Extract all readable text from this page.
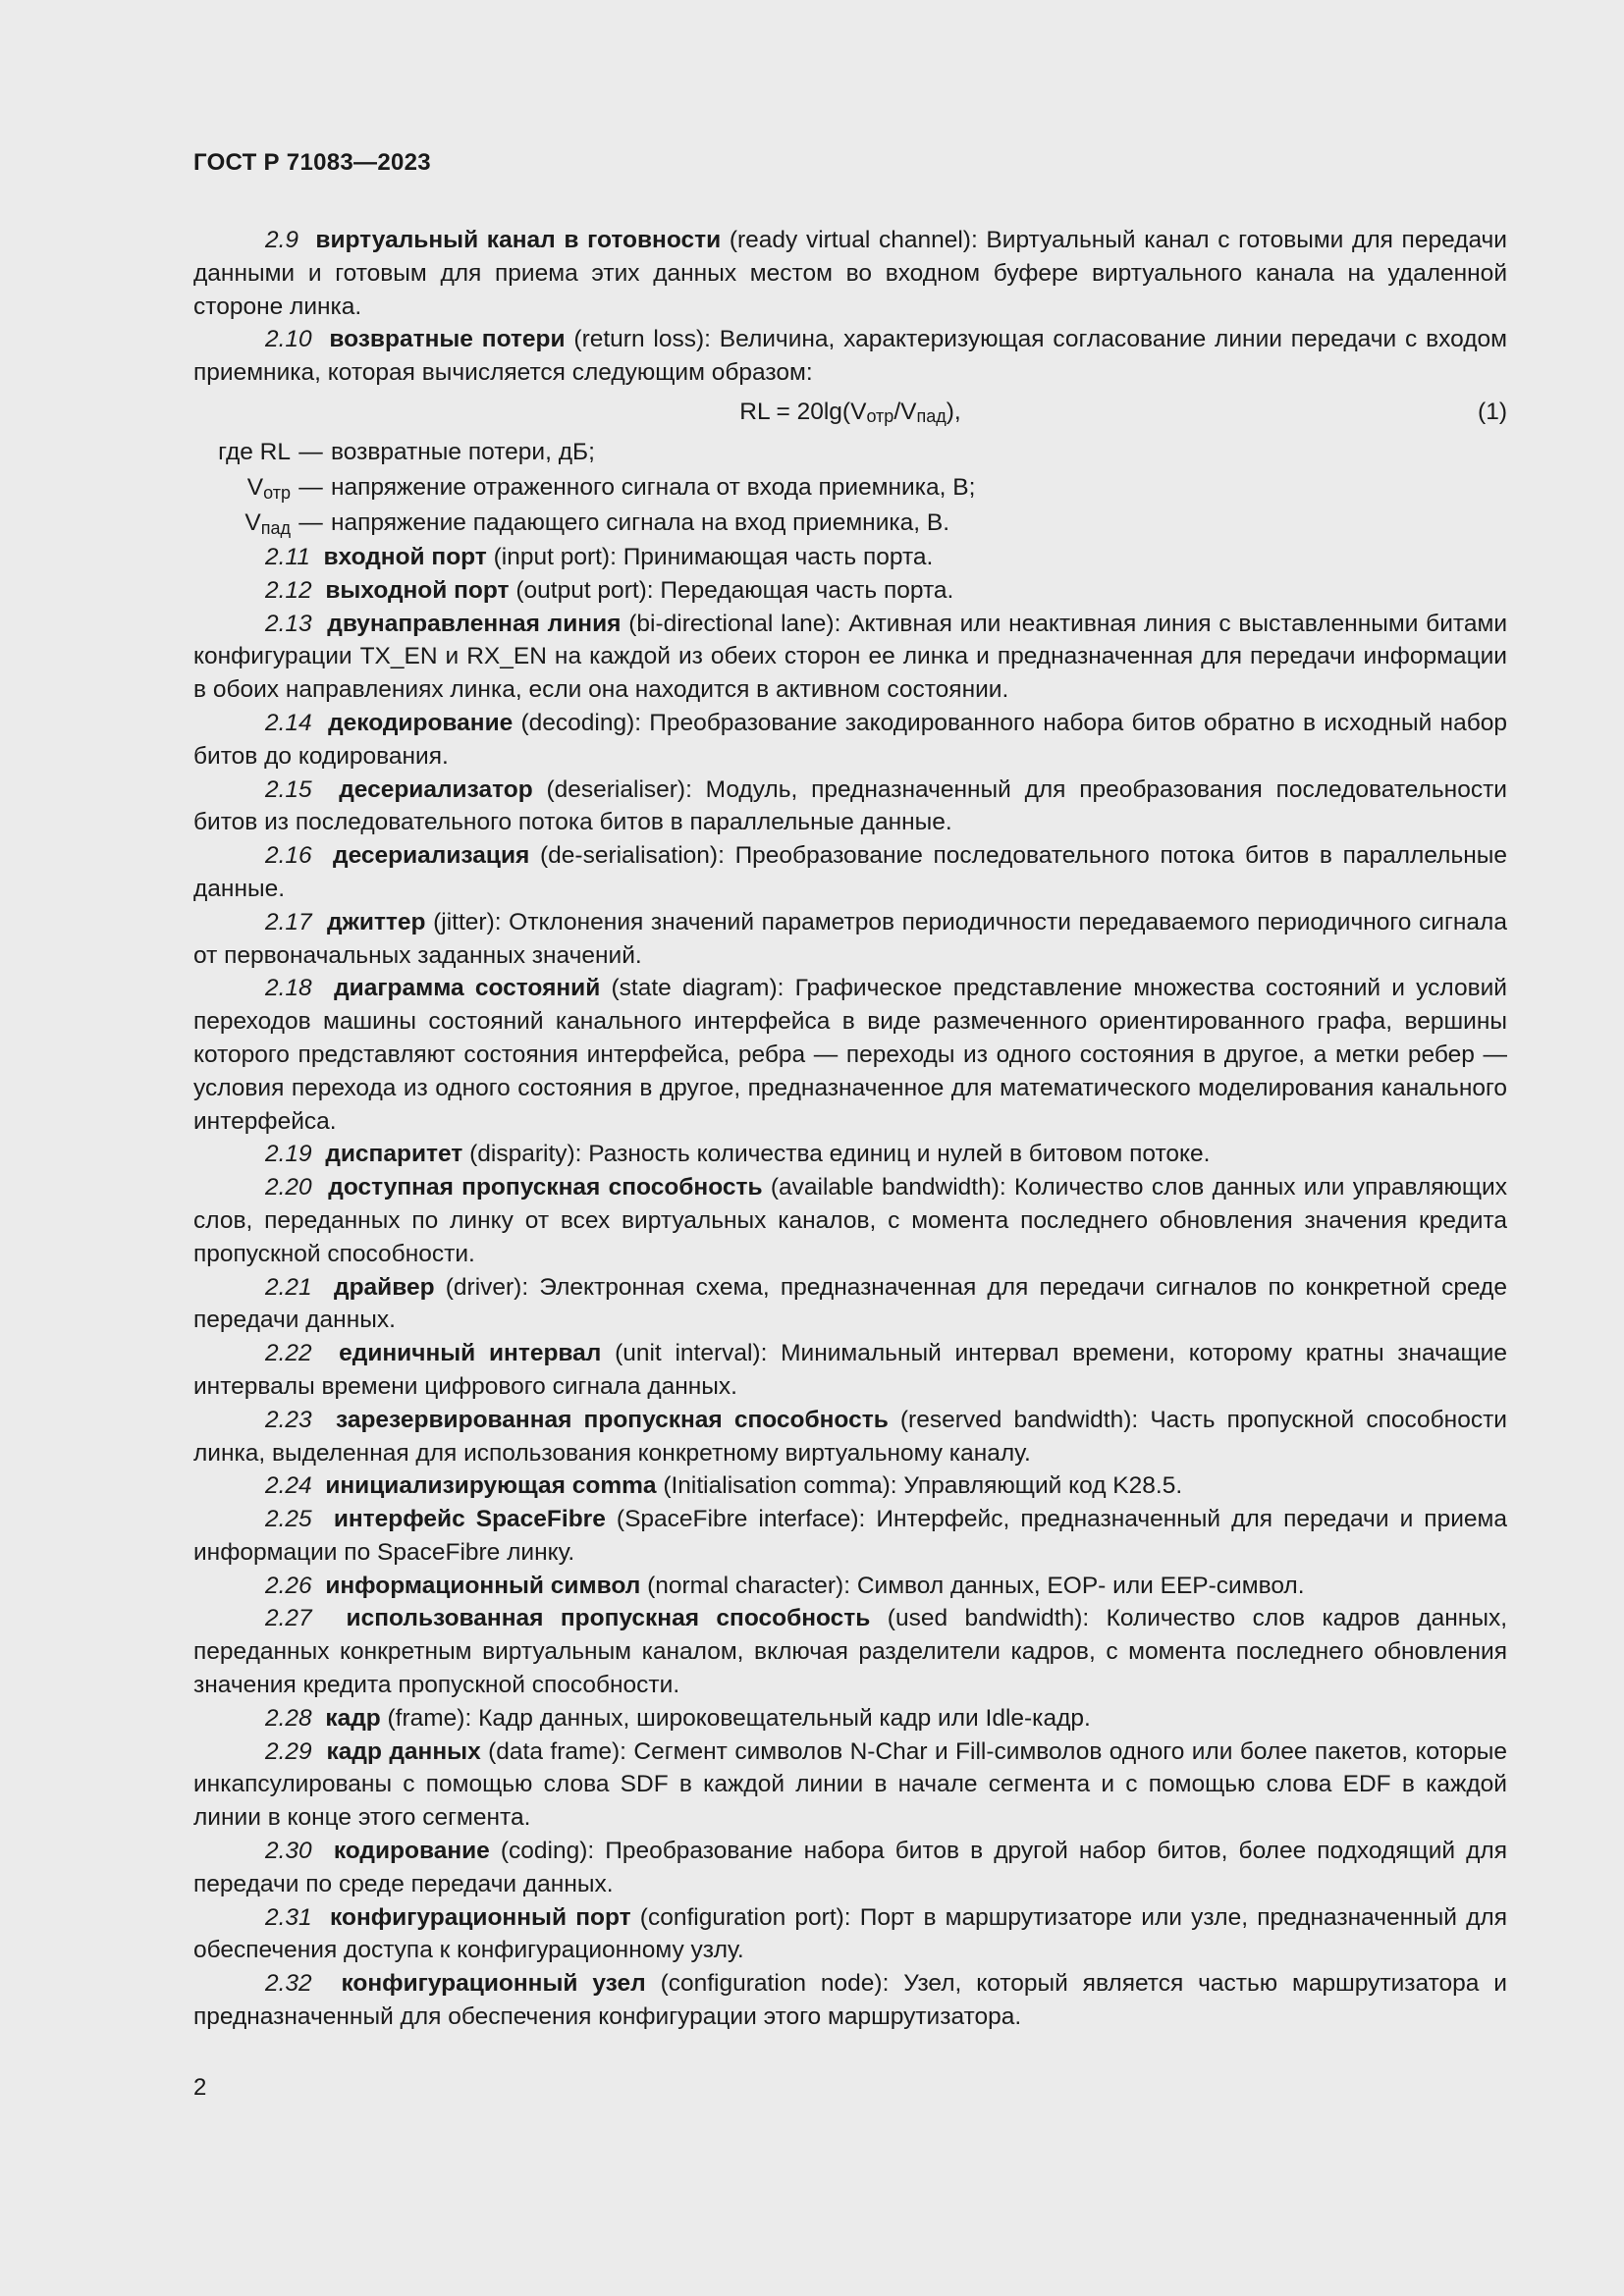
ГОСТ Р 71083—2023

2.9 виртуальный канал в готовности (ready virtual channel): Виртуальный канал с готовыми для передачи данными и готовым для приема этих данных местом во входном буфере виртуального канала на удаленной стороне линка.

2.10 возвратные потери (return loss): Величина, характеризующая согласование линии передачи с входом приемника, которая вычисляется следующим образом:

RL = $20\lg(V_{отр}/V_{пад})$,	(1)
где RL — возвратные потери, дБ;
$V_{отр}$ — напряжение отраженного сигнала от входа приемника, В;
$V_{пад}$ — напряжение падающего сигнала на вход приемника, В.

2.11 входной порт (input port): Принимающая часть порта.

2.12 выходной порт (output port): Передающая часть порта.

2.13 двунаправленная линия (bi-directional lane): Активная или неактивная линия с выставленными битами конфигурации TX_EN и RX_EN на каждой из обеих сторон ее линка и предназначенная для передачи информации в обоих направлениях линка, если она находится в активном состоянии.

2.14 декодирование (decoding): Преобразование закодированного набора битов обратно в исходный набор битов до кодирования.

2.15 десериализатор (deserialiser): Модуль, предназначенный для преобразования последовательности битов из последовательного потока битов в параллельные данные.

2.16 десериализация (de-serialisation): Преобразование последовательного потока битов в параллельные данные.

2.17 джиттер (jitter): Отклонения значений параметров периодичности передаваемого периодичного сигнала от первоначальных заданных значений.

2.18 диаграмма состояний (state diagram): Графическое представление множества состояний и условий переходов машины состояний канального интерфейса в виде размеченного ориентированного графа, вершины которого представляют состояния интерфейса, ребра — переходы из одного состояния в другое, а метки ребер — условия перехода из одного состояния в другое, предназначенное для математического моделирования канального интерфейса.

2.19 диспаритет (disparity): Разность количества единиц и нулей в битовом потоке.

2.20 доступная пропускная способность (available bandwidth): Количество слов данных или управляющих слов, переданных по линку от всех виртуальных каналов, с момента последнего обновления значения кредита пропускной способности.

2.21 драйвер (driver): Электронная схема, предназначенная для передачи сигналов по конкретной среде передачи данных.

2.22 единичный интервал (unit interval): Минимальный интервал времени, которому кратны значащие интервалы времени цифрового сигнала данных.

2.23 зарезервированная пропускная способность (reserved bandwidth): Часть пропускной способности линка, выделенная для использования конкретному виртуальному каналу.

2.24 инициализирующая comma (Initialisation comma): Управляющий код K28.5.

2.25 интерфейс SpaceFibre (SpaceFibre interface): Интерфейс, предназначенный для передачи и приема информации по SpaceFibre линку.

2.26 информационный символ (normal character): Символ данных, EOP- или EEP-символ.

2.27 использованная пропускная способность (used bandwidth): Количество слов кадров данных, переданных конкретным виртуальным каналом, включая разделители кадров, с момента последнего обновления значения кредита пропускной способности.

2.28 кадр (frame): Кадр данных, широковещательный кадр или Idle-кадр.

2.29 кадр данных (data frame): Сегмент символов N-Char и Fill-символов одного или более пакетов, которые инкапсулированы с помощью слова SDF в каждой линии в начале сегмента и с помощью слова EDF в каждой линии в конце этого сегмента.

2.30 кодирование (coding): Преобразование набора битов в другой набор битов, более подходящий для передачи по среде передачи данных.

2.31 конфигурационный порт (configuration port): Порт в маршрутизаторе или узле, предназначенный для обеспечения доступа к конфигурационному узлу.

2.32 конфигурационный узел (configuration node): Узел, который является частью маршрутизатора и предназначенный для обеспечения конфигурации этого маршрутизатора.

2
